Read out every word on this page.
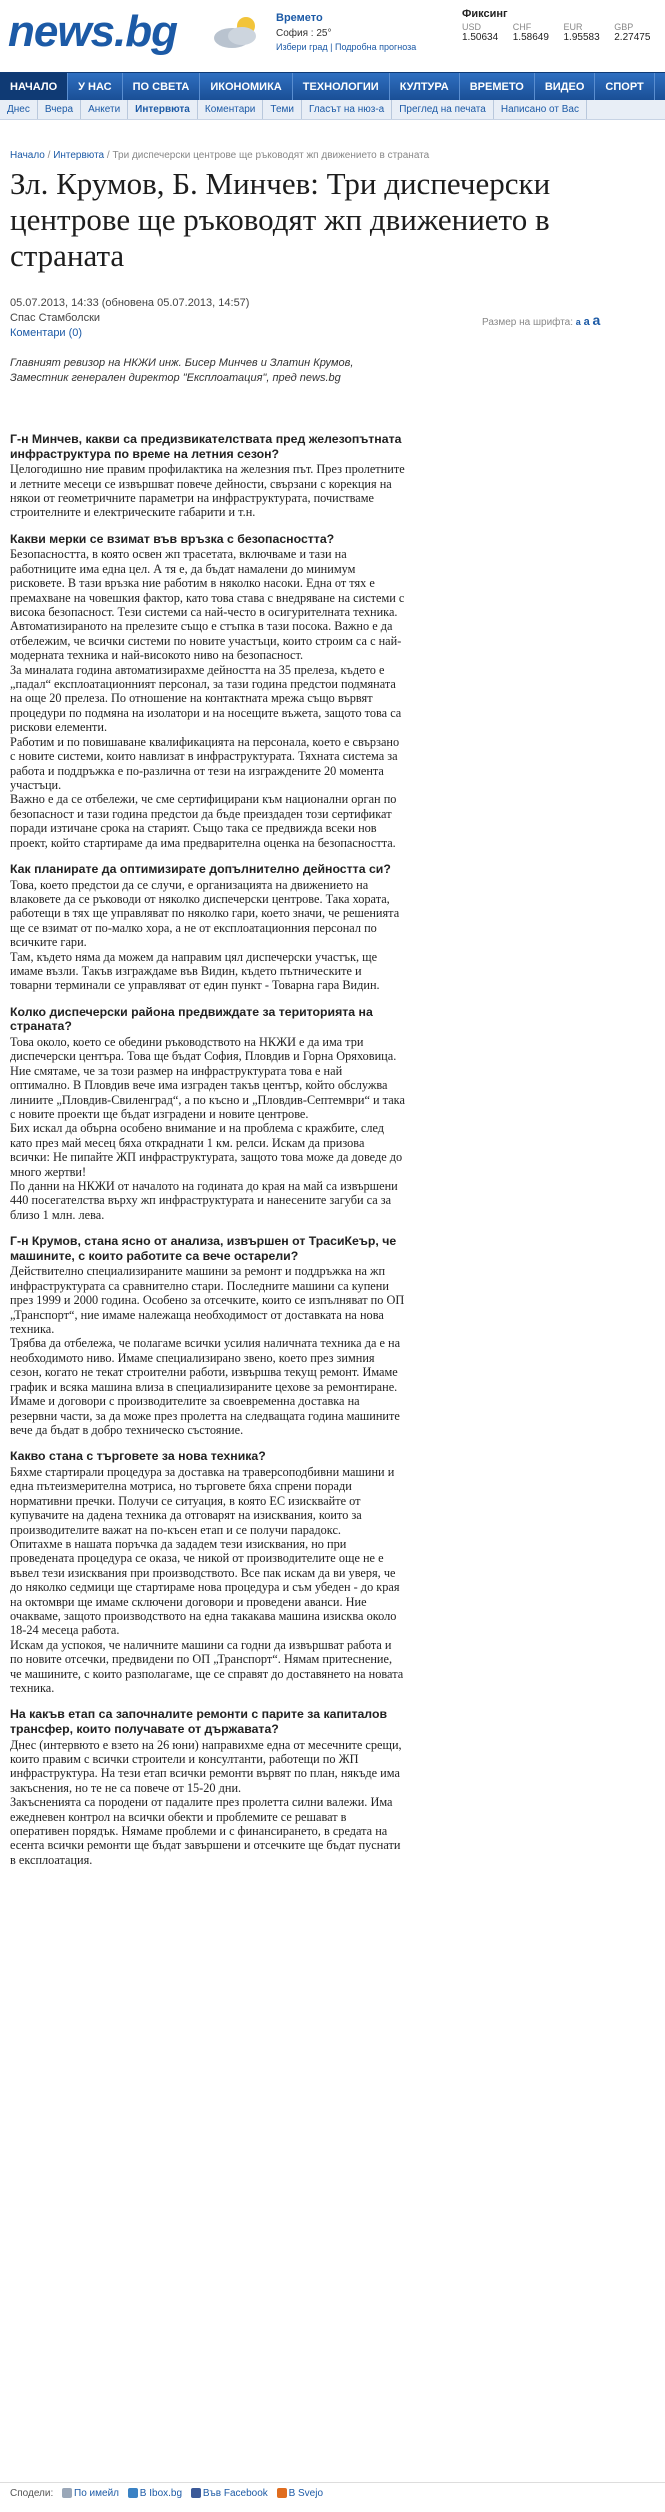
news.bg	Времето
София : 25°
Избери град | Подробна прогноза
Фиксинг
USD	CHF	EUR	GBP
1.50634	1.58649	1.95583	2.27475
НАЧАЛО	У НАС	ПО СВЕТА	ИКОНОМИКА	ТЕХНОЛОГИИ	КУЛТУРА	ВРЕМЕТО	ВИДЕО	СПОРТ
Днес	Вчера	Анкети	Интервюта	Коментари	Теми	Гласът на нюз-а	Преглед на печата	Написано от Вас
Начало / Интервюта / Три диспечерски центрове ще ръководят жп движението в страната
Зл. Крумов, Б. Минчев: Три диспечерски центрове ще ръководят жп движението в страната
05.07.2013, 14:33 (обновена 05.07.2013, 14:57)
Спас Стамболски
Коментари (0)
Размер на шрифта: a a a
Главният ревизор на НКЖИ инж. Бисер Минчев и Златин Крумов, Заместник генерален директор "Експлоатация", пред news.bg
Г-н Минчев, какви са предизвикателствата пред железопътната инфраструктура по време на летния сезон?
Целогодишно ние правим профилактика на железния път. През пролетните и летните месеци се извършват повече дейности, свързани с корекция на някои от геометричните параметри на инфраструктурата, почистваме строителните и електрическите габарити и т.н.
Какви мерки се взимат във връзка с безопасността?
Безопасността, в която освен жп трасетата, включваме и тази на работниците има една цел. А тя е, да бъдат намалени до минимум рисковете. В тази връзка ние работим в няколко насоки. Една от тях е премахване на човешкия фактор, като това става с внедряване на системи с висока безопасност. Тези системи са най-често в осигурителната техника.
Автоматизираното на прелезите също е стъпка в тази посока. Важно е да отбележим, че всички системи по новите участъци, които строим са с най-модерната техника и най-високото ниво на безопасност.
За миналата година автоматизирахме дейността на 35 прелеза, където е „падал“ експлоатационният персонал, за тази година предстои подмяната на още 20 прелеза. По отношение на контактната мрежа също вървят процедури по подмяна на изолатори и на носещите въжета, защото това са рискови елементи.
Работим и по повишаване квалификацията на персонала, което е свързано с новите системи, които навлизат в инфраструктурата. Тяхната система за работа и поддръжка е по-различна от тези на изграждените 20 момента участъци.
Важно е да се отбележи, че сме сертифицирани към национални орган по безопасност и тази година предстои да бъде преиздаден този сертификат поради изтичане срока на старият. Също така се предвижда всеки нов проект, който стартираме да има предварителна оценка на безопасността.
Как планирате да оптимизирате допълнително дейността си?
Това, което предстои да се случи, е организацията на движението на влаковете да се ръководи от няколко диспечерски центрове. Така хората, работещи в тях ще управляват по няколко гари, което значи, че решенията ще се взимат от по-малко хора, а не от експлоатационния персонал по всичките гари.
Там, където няма да можем да направим цял диспечерски участък, ще имаме възли. Такъв изграждаме във Видин, където пътническите и товарни терминали се управляват от един пункт - Товарна гара Видин.
Колко диспечерски района предвиждате за територията на страната?
Това около, което се обедини ръководството на НКЖИ е да има три диспечерски центъра. Това ще бъдат София, Пловдив и Горна Оряховица. Ние смятаме, че за този размер на инфраструктурата това е най оптимално. В Пловдив вече има изграден такъв център, който обслужва линиите „Пловдив-Свиленград“, а по късно и „Пловдив-Септември“ и така с новите проекти ще бъдат изградени и новите центрове.
Бих искал да обърна особено внимание и на проблема с кражбите, след като през май месец бяха откраднати 1 км. релси. Искам да призова всички: Не пипайте ЖП инфраструктурата, защото това може да доведе до много жертви!
По данни на НКЖИ от началото на годината до края на май са извършени 440 посегателства върху жп инфраструктурата и нанесените загуби са за близо 1 млн. лева.
Г-н Крумов, стана ясно от анализа, извършен от ТрасиКеър, че машините, с които работите са вече остарели?
Действително специализираните машини за ремонт и поддръжка на жп инфраструктурата са сравнително стари. Последните машини са купени през 1999 и 2000 година. Особено за отсечките, които се изпълняват по ОП „Транспорт“, ние имаме належаща необходимост от доставката на нова техника.
Трябва да отбележа, че полагаме всички усилия наличната техника да е на необходимото ниво. Имаме специализирано звено, което през зимния сезон, когато не текат строителни работи, извършва текущ ремонт. Имаме график и всяка машина влиза в специализираните цехове за ремонтиране. Имаме и договори с производителите за своевременна доставка на резервни части, за да може през пролетта на следващата година машините вече да бъдат в добро техническо състояние.
Какво стана с търговете за нова техника?
Бяхме стартирали процедура за доставка на траверсоподбивни машини и една пътеизмерителна мотриса, но търговете бяха спрени поради нормативни пречки. Получи се ситуация, в която ЕС изисквайте от купувачите на дадена техника да отговарят на изисквания, които за производителите важат на по-късен етап и се получи парадокс.
Опитахме в нашата поръчка да зададем тези изисквания, но при проведената процедура се оказа, че никой от производителите още не е въвел тези изисквания при производството. Все пак искам да ви уверя, че до няколко седмици ще стартираме нова процедура и съм убеден - до края на октомври ще имаме сключени договори и проведени аванси. Ние очакваме, защото производството на една такакава машина изисква около 18-24 месеца работа.
Искам да успокоя, че наличните машини са годни да извършват работа и по новите отсечки, предвидени по ОП „Транспорт“. Нямам притеснение, че машините, с които разполагаме, ще се справят до доставянето на новата техника.
На какъв етап са започналите ремонти с парите за капиталов трансфер, които получавате от държавата?
Днес (интервюто е взето на 26 юни) направихме една от месечните срещи, които правим с всички строители и консултанти, работещи по ЖП инфраструктура. На тези етап всички ремонти вървят по план, някъде има закъснения, но те не са повече от 15-20 дни.
Закъсненията са породени от падалите през пролетта силни валежи. Има ежедневен контрол на всички обекти и проблемите се решават в оперативен порядък. Нямаме проблеми и с финансирането, в средата на есента всички ремонти ще бъдат завършени и отсечките ще бъдат пуснати в експлоатация.
Сподели: По имейл В Ibox.bg Във Facebook В Svejo
